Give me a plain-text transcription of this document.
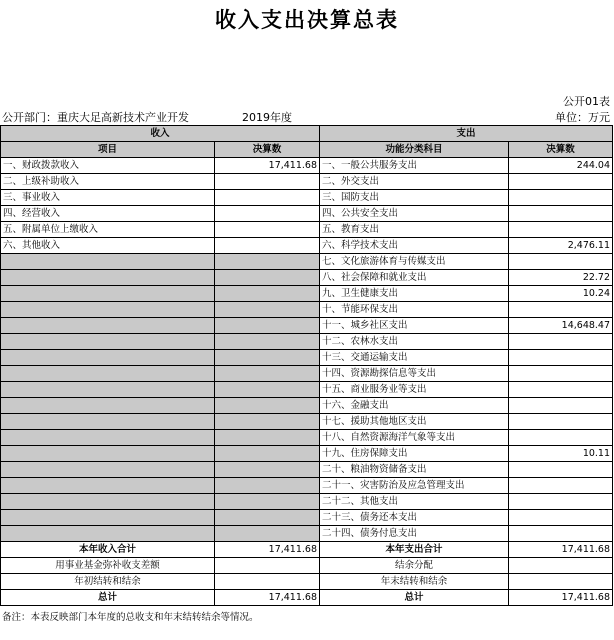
收入支出决算总表
公开01表
公开部门：重庆大足高新技术产业开发	2019年度	单位：万元
收入		支出	
项目	决算数	功能分类科目	决算数
一、财政拨款收入	17,411.68	一、一般公共服务支出	244.04
二、上级补助收入		二、外交支出	
三、事业收入		三、国防支出	
四、经营收入		四、公共安全支出	
五、附属单位上缴收入		五、教育支出	
六、其他收入		六、科学技术支出	2,476.11
		七、文化旅游体育与传媒支出	
		八、社会保障和就业支出	22.72
		九、卫生健康支出	10.24
		十、节能环保支出	
		十一、城乡社区支出	14,648.47
		十二、农林水支出	
		十三、交通运输支出	
		十四、资源勘探信息等支出	
		十五、商业服务业等支出	
		十六、金融支出	
		十七、援助其他地区支出	
		十八、自然资源海洋气象等支出	
		十九、住房保障支出	10.11
		二十、粮油物资储备支出	
		二十一、灾害防治及应急管理支出	
		二十二、其他支出	
		二十三、债务还本支出	
		二十四、债务付息支出	
本年收入合计	17,411.68	本年支出合计	17,411.68
用事业基金弥补收支差额		结余分配	
年初结转和结余		年末结转和结余	
总计	17,411.68	总计	17,411.68
备注：本表反映部门本年度的总收支和年末结转结余等情况。
